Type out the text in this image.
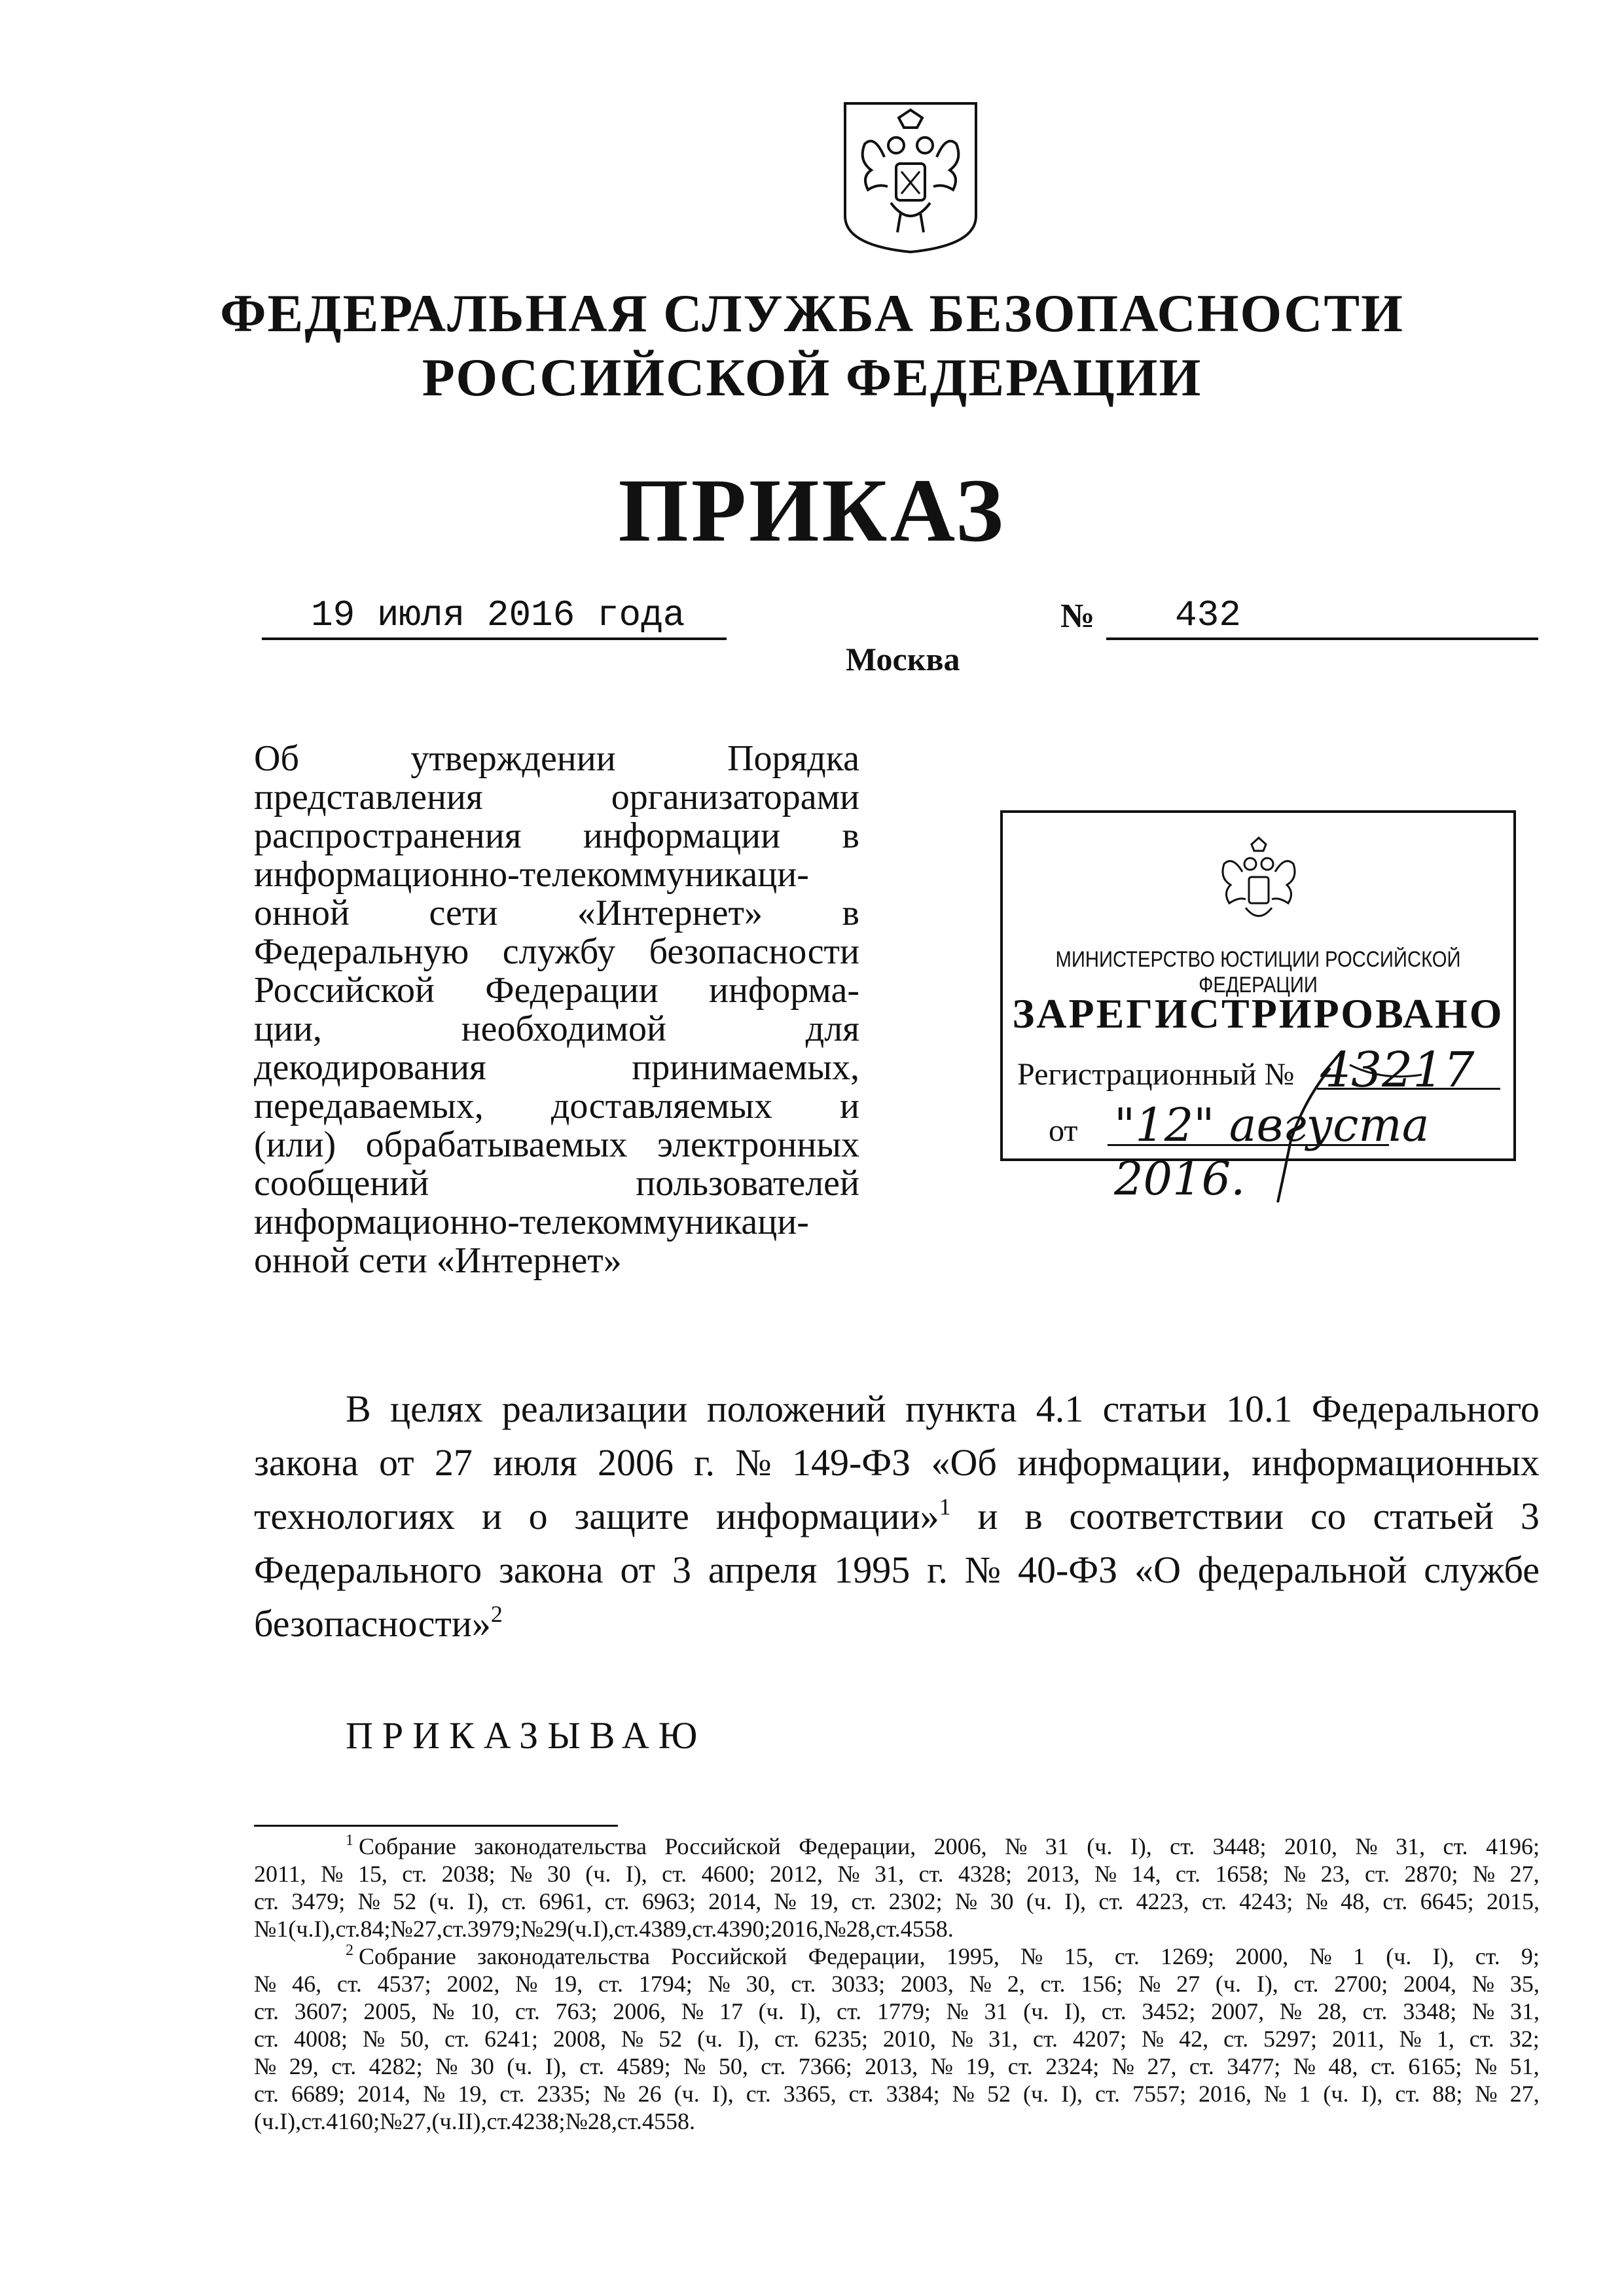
ФЕДЕРАЛЬНАЯ СЛУЖБА БЕЗОПАСНОСТИ
РОССИЙСКОЙ ФЕДЕРАЦИИ
ПРИКАЗ
19 июля 2016 года	№ 432
Москва
Об	утверждении	Порядка
представления	организаторами
распространения информации в
информационно-телекоммуникаци-
онной сети «Интернет» в
Федеральную службу безопасности
Российской Федерации информа-
ции,	необходимой	для
декодирования	принимаемых,
передаваемых, доставляемых и
(или) обрабатываемых электронных
сообщений	пользователей
информационно-телекоммуникаци-
онной сети «Интернет»
МИНИСТЕРСТВО ЮСТИЦИИ РОССИЙСКОЙ ФЕДЕРАЦИИ
ЗАРЕГИСТРИРОВАНО
Регистрационный № 43217
от "12" августа 2016.
В целях реализации положений пункта 4.1 статьи 10.1 Федерального
закона от 27 июля 2006 г. № 149-ФЗ «Об информации, информационных
технологиях и о защите информации»$^1$ и в соответствии со статьей 3
Федерального закона от 3 апреля 1995 г. № 40-ФЗ «О федеральной службе
безопасности»$^2$
ПРИКАЗЫВАЮ
$^1$ Собрание законодательства Российской Федерации, 2006, № 31 (ч. I), ст. 3448; 2010, № 31, ст. 4196;
2011, № 15, ст. 2038; № 30 (ч. I), ст. 4600; 2012, № 31, ст. 4328; 2013, № 14, ст. 1658; № 23, ст. 2870; № 27,
ст. 3479; № 52 (ч. I), ст. 6961, ст. 6963; 2014, № 19, ст. 2302; № 30 (ч. I), ст. 4223, ст. 4243; № 48, ст. 6645; 2015,
№ 1 (ч. I), ст. 84; № 27, ст. 3979; № 29 (ч. I), ст. 4389, ст. 4390; 2016, № 28, ст. 4558.
$^2$ Собрание законодательства Российской Федерации, 1995, № 15, ст. 1269; 2000, № 1 (ч. I), ст. 9;
№ 46, ст. 4537; 2002, № 19, ст. 1794; № 30, ст. 3033; 2003, № 2, ст. 156; № 27 (ч. I), ст. 2700; 2004, № 35,
ст. 3607; 2005, № 10, ст. 763; 2006, № 17 (ч. I), ст. 1779; № 31 (ч. I), ст. 3452; 2007, № 28, ст. 3348; № 31,
ст. 4008; № 50, ст. 6241; 2008, № 52 (ч. I), ст. 6235; 2010, № 31, ст. 4207; № 42, ст. 5297; 2011, № 1, ст. 32;
№ 29, ст. 4282; № 30 (ч. I), ст. 4589; № 50, ст. 7366; 2013, № 19, ст. 2324; № 27, ст. 3477; № 48, ст. 6165; № 51,
ст. 6689; 2014, № 19, ст. 2335; № 26 (ч. I), ст. 3365, ст. 3384; № 52 (ч. I), ст. 7557; 2016, № 1 (ч. I), ст. 88; № 27,
(ч. I), ст. 4160; № 27, (ч. II), ст. 4238; № 28, ст. 4558.
